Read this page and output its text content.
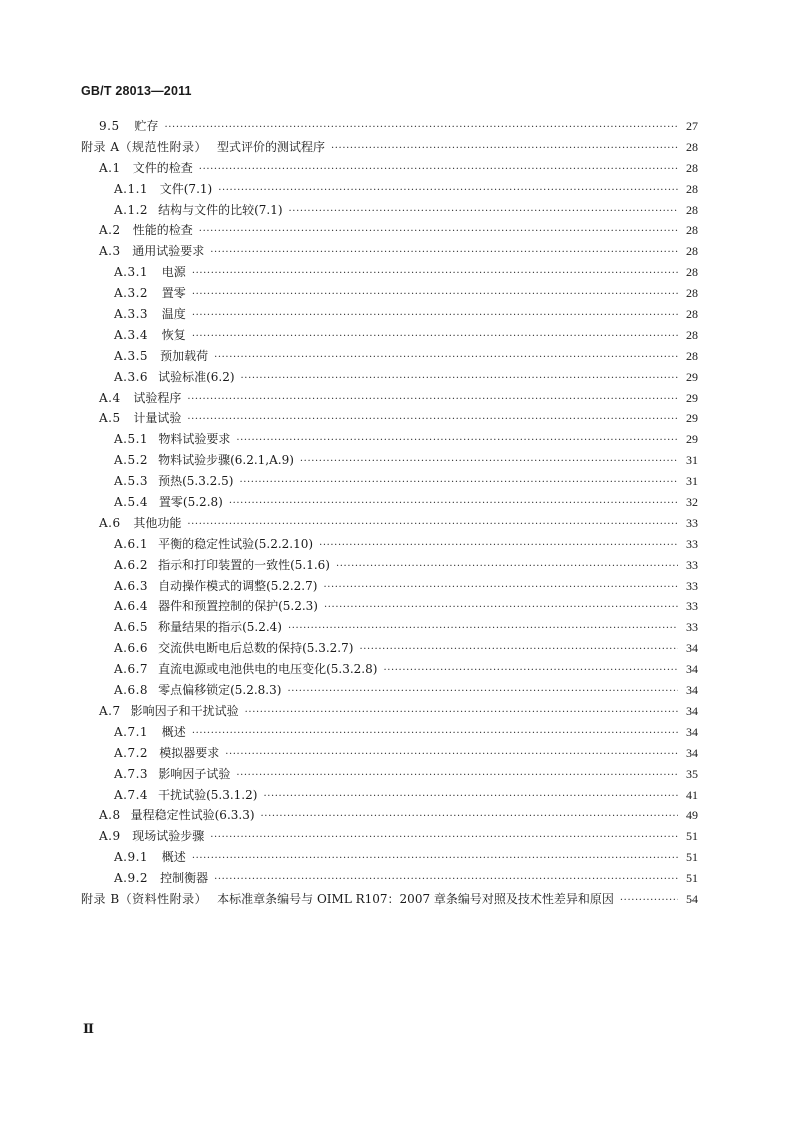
GB/T 28013—2011
9.5	贮存 ·····	27
附录 A（规范性附录） 型式评价的测试程序 ·····	28
A.1	文件的检查 ·····	28
A.1.1 文件(7.1) ·····	28
A.1.2 结构与文件的比较(7.1) ·····	28
A.2	性能的检查 ·····	28
A.3 通用试验要求 ·····	28
A.3.1	电源 ·····	28
A.3.2	置零 ·····	28
A.3.3	温度 ·····	28
A.3.4	恢复 ·····	28
A.3.5 预加载荷 ·····	28
A.3.6 试验标准(6.2) ·····	29
A.4	试验程序 ·····	29
A.5	计量试验 ·····	29
A.5.1 物料试验要求 ·····	29
A.5.2 物料试验步骤(6.2.1,A.9) ·····	31
A.5.3 预热(5.3.2.5) ·····	31
A.5.4 置零(5.2.8) ·····	32
A.6	其他功能 ·····	33
A.6.1 平衡的稳定性试验(5.2.2.10) ·····	33
A.6.2 指示和打印装置的一致性(5.1.6) ·····	33
A.6.3 自动操作模式的调整(5.2.2.7) ·····	33
A.6.4 器件和预置控制的保护(5.2.3) ·····	33
A.6.5 称量结果的指示(5.2.4) ·····	33
A.6.6 交流供电断电后总数的保持(5.3.2.7) ·····	34
A.6.7 直流电源或电池供电的电压变化(5.3.2.8) ·····	34
A.6.8 零点偏移锁定(5.2.8.3) ·····	34
A.7 影响因子和干扰试验 ·····	34
A.7.1	概述 ·····	34
A.7.2 模拟器要求 ·····	34
A.7.3 影响因子试验 ·····	35
A.7.4 干扰试验(5.3.1.2) ·····	41
A.8 量程稳定性试验(6.3.3) ·····	49
A.9 现场试验步骤 ·····	51
A.9.1	概述 ·····	51
A.9.2 控制衡器 ·····	51
附录 B（资料性附录） 本标准章条编号与 OIML R107：2007 章条编号对照及技术性差异和原因 ·····	54
Ⅱ
